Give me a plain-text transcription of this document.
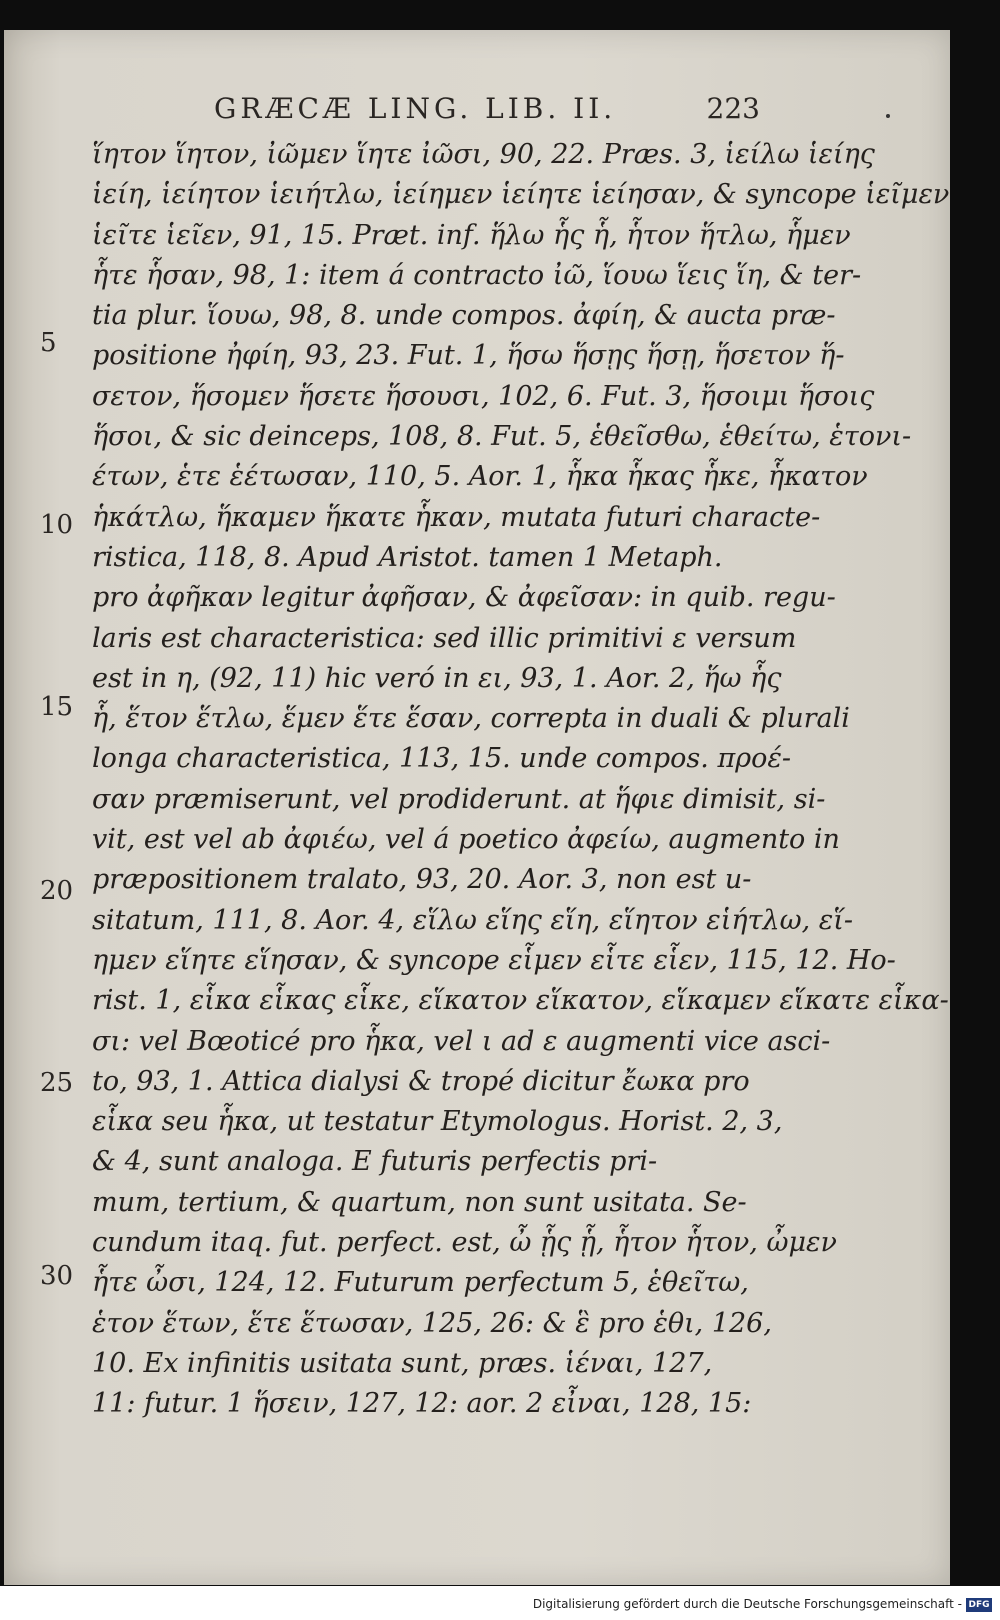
GRÆCÆ LING. LIB. II.	223
5
10
15
20
25
30
ἵητον ἵητον, ἰῶμεν ἵητε ἰῶσι, 90, 22. Præs. 3, ἱείλω ἱείης
ἱείη, ἱείητον ἱειήτλω, ἱείημεν ἱείητε ἱείησαν, & syncope ἱεῖμεν
ἱεῖτε ἱεῖεν, 91, 15. Præt. inf. ἥλω ἧς ἧ, ἧτον ἥτλω, ἧμεν
ἧτε ἧσαν, 98, 1: item á contracto ἰῶ, ἵουω ἵεις ἵη, & ter-
tia plur. ἵουω, 98, 8. unde compos. ἀφίη, & aucta præ-
positione ἠφίη, 93, 23. Fut. 1, ἥσω ἥσῃς ἥσῃ, ἥσετον ἥ-
σετον, ἥσομεν ἥσετε ἥσουσι, 102, 6. Fut. 3, ἥσοιμι ἥσοις
ἥσοι, & sic deinceps, 108, 8. Fut. 5, ἑθεῖσθω, ἑθείτω, ἑτονι-
έτων, ἑτε ἑέτωσαν, 110, 5. Aor. 1, ἧκα ἧκας ἧκε, ἧκατον
ἡκάτλω, ἥκαμεν ἥκατε ἧκαν, mutata futuri characte-
ristica, 118, 8. Apud Aristot. tamen 1 Metaph.
pro ἀφῆκαν legitur ἀφῆσαν, & ἀφεῖσαν: in quib. regu-
laris est characteristica: sed illic primitivi ε versum
est in η, (92, 11) hic veró in ει, 93, 1. Aor. 2, ἥω ἧς
ἧ, ἕτον ἕτλω, ἕμεν ἕτε ἕσαν, correpta in duali & plurali
longa characteristica, 113, 15. unde compos. προέ-
σαν præmiserunt, vel prodiderunt. at ἥφιε dimisit, si-
vit, est vel ab ἀφιέω, vel á poetico ἀφείω, augmento in
præpositionem tralato, 93, 20. Aor. 3, non est u-
sitatum, 111, 8. Aor. 4, εἵλω εἵης εἵη, εἵητον εἱήτλω, εἵ-
ημεν εἵητε εἵησαν, & syncope εἷμεν εἷτε εἷεν, 115, 12. Ho-
rist. 1, εἷκα εἷκας εἷκε, εἵκατον εἵκατον, εἵκαμεν εἵκατε εἷκα-
σι: vel Bœoticé pro ἧκα, vel ι ad ε augmenti vice asci-
to, 93, 1. Attica dialysi & tropé dicitur ἔωκα pro
εἷκα seu ἧκα, ut testatur Etymologus. Horist. 2, 3,
& 4, sunt analoga. E futuris perfectis pri-
mum, tertium, & quartum, non sunt usitata. Se-
cundum itaq. fut. perfect. est, ὦ ᾗς ᾗ, ἧτον ἧτον, ὦμεν
ἧτε ὦσι, 124, 12. Futurum perfectum 5, ἑθεῖτω,
ἑτον ἕτων, ἕτε ἕτωσαν, 125, 26: & ἓ pro ἑθι, 126,
10. Ex infinitis usitata sunt, præs. ἱέναι, 127,
11: futur. 1 ἥσειν, 127, 12: aor. 2 εἶναι, 128, 15:
Digitalisierung gefördert durch die Deutsche Forschungsgemeinschaft - DFG
